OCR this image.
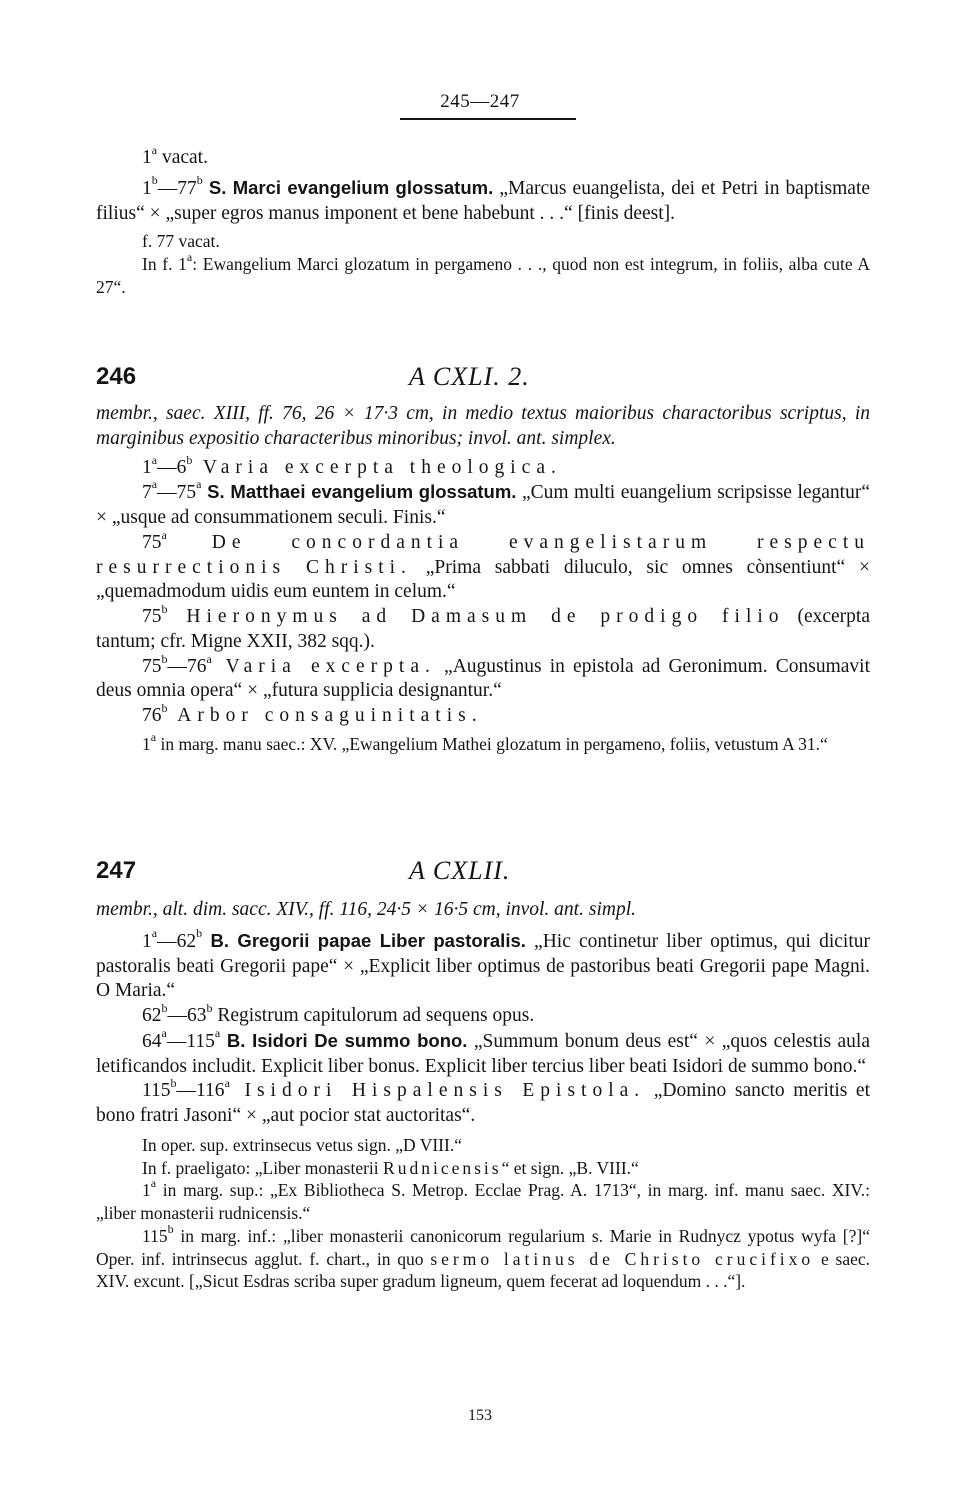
245—247

1$^a$ vacat.

1$^b$—77$^b$ S. Marci evangelium glossatum. „Marcus euangelista, dei et Petri in baptismate filius“ × „super egros manus imponent et bene habebunt . . .“ [finis deest].

f. 77 vacat.

In f. 1$^a$: Ewangelium Marci glozatum in pergameno . . ., quod non est integrum, in foliis, alba cute A 27“.

246	A CXLI. 2.

membr., saec. XIII, ff. 76, 26 × 17·3 cm, in medio textus maioribus charactoribus scriptus, in marginibus expositio characteribus minoribus; invol. ant. simplex.

1$^a$—6$^b$ Varia excerpta theologica.

7$^a$—75$^a$ S. Matthaei evangelium glossatum. „Cum multi euangelium scripsisse legantur“ × „usque ad consummationem seculi. Finis.“

75$^a$ De concordantia evangelistarum respectu resurrectionis Christi. „Prima sabbati diluculo, sic omnes cònsentiunt“ × „quemadmodum uidis eum euntem in celum.“

75$^b$ Hieronymus ad Damasum de prodigo filio (excerpta tantum; cfr. Migne XXII, 382 sqq.).

75$^b$—76$^a$ Varia excerpta. „Augustinus in epistola ad Geronimum. Consumavit deus omnia opera“ × „futura supplicia designantur.“

76$^b$ Arbor consaguinitatis.

1$^a$ in marg. manu saec.: XV. „Ewangelium Mathei glozatum in pergameno, foliis, vetustum A 31.“

247	A CXLII.

membr., alt. dim. sacc. XIV., ff. 116, 24·5 × 16·5 cm, invol. ant. simpl.

1$^a$—62$^b$ B. Gregorii papae Liber pastoralis. „Hic continetur liber optimus, qui dicitur pastoralis beati Gregorii pape“ × „Explicit liber optimus de pastoribus beati Gregorii pape Magni. O Maria.“

62$^b$—63$^b$ Registrum capitulorum ad sequens opus.

64$^a$—115$^a$ B. Isidori De summo bono. „Summum bonum deus est“ × „quos celestis aula letificandos includit. Explicit liber bonus. Explicit liber tercius liber beati Isidori de summo bono.“

115$^b$—116$^a$ Isidori Hispalensis Epistola. „Domino sancto meritis et bono fratri Jasoni“ × „aut pocior stat auctoritas“.

In oper. sup. extrinsecus vetus sign. „D VIII.“

In f. praeligato: „Liber monasterii Rudnicensis“ et sign. „B. VIII.“

1$^a$ in marg. sup.: „Ex Bibliotheca S. Metrop. Ecclae Prag. A. 1713“, in marg. inf. manu saec. XIV.: „liber monasterii rudnicensis.“

115$^b$ in marg. inf.: „liber monasterii canonicorum regularium s. Marie in Rudnycz ypotus wyfa [?]“ Oper. inf. intrinsecus agglut. f. chart., in quo sermo latinus de Christo crucifixo e saec. XIV. excunt. [„Sicut Esdras scriba super gradum ligneum, quem fecerat ad loquendum . . .“].

153
